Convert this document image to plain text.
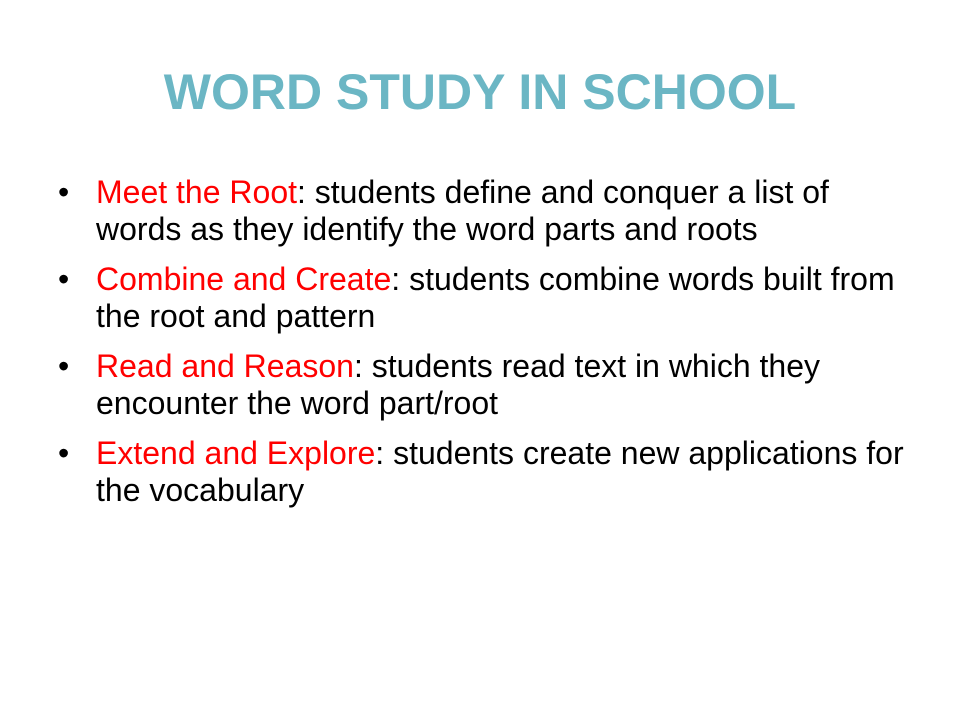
WORD STUDY IN SCHOOL
• Meet the Root: students define and conquer a list of words as they identify the word parts and roots
• Combine and Create: students combine words built from the root and pattern
• Read and Reason: students read text in which they encounter the word part/root
• Extend and Explore: students create new applications for the vocabulary
